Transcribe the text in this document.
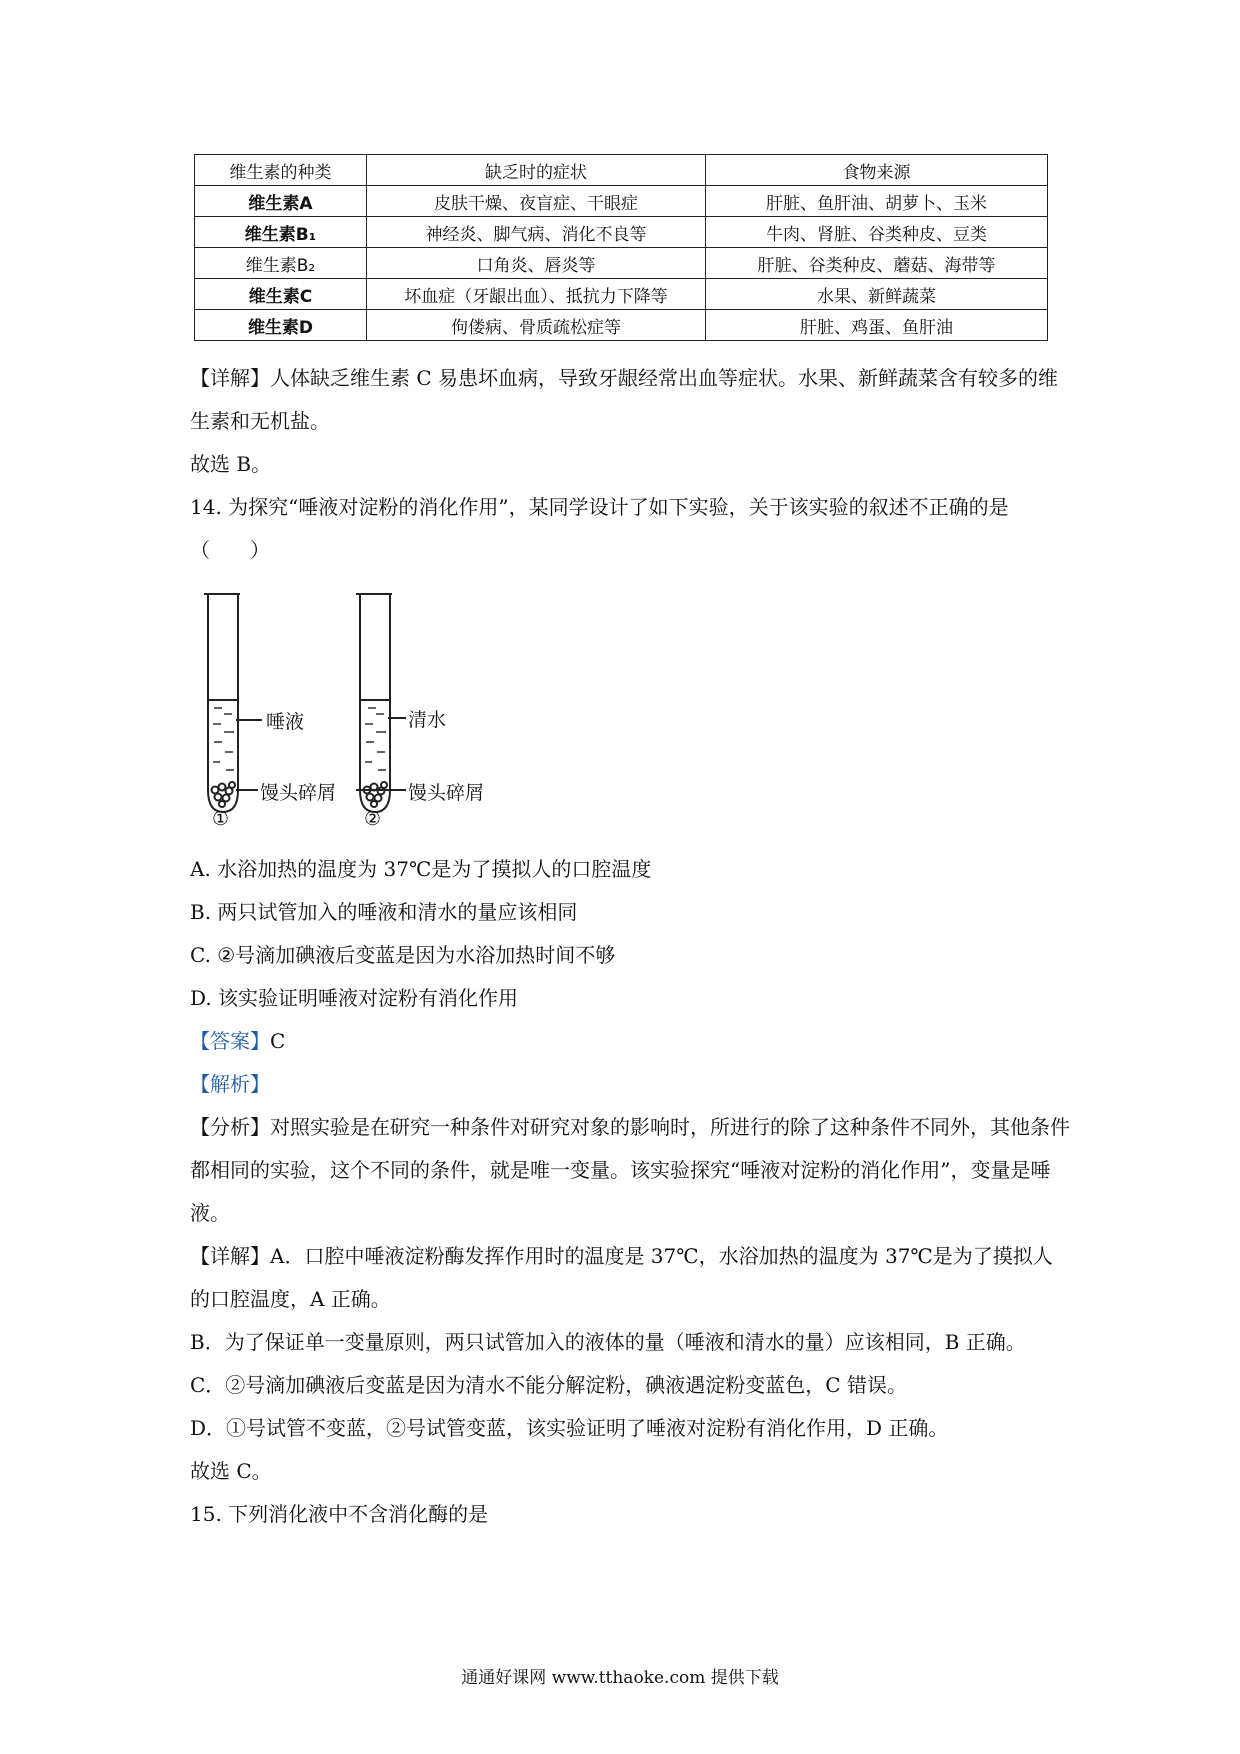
维生素的种类	缺乏时的症状	食物来源
维生素A	皮肤干燥、夜盲症、干眼症	肝脏、鱼肝油、胡萝卜、玉米
维生素B₁	神经炎、脚气病、消化不良等	牛肉、肾脏、谷类种皮、豆类
维生素B₂	口角炎、唇炎等	肝脏、谷类种皮、蘑菇、海带等
维生素C	坏血症（牙龈出血）、抵抗力下降等	水果、新鲜蔬菜
维生素D	佝偻病、骨质疏松症等	肝脏、鸡蛋、鱼肝油

【详解】人体缺乏维生素 C 易患坏血病，导致牙龈经常出血等症状。水果、新鲜蔬菜含有较多的维生素和无机盐。

故选 B。

14. 为探究“唾液对淀粉的消化作用”，某同学设计了如下实验，关于该实验的叙述不正确的是（　　）

唾液
馒头碎屑
①
清水
馒头碎屑
②

A. 水浴加热的温度为 37℃是为了摸拟人的口腔温度

B. 两只试管加入的唾液和清水的量应该相同

C. ②号滴加碘液后变蓝是因为水浴加热时间不够

D. 该实验证明唾液对淀粉有消化作用

【答案】C

【解析】

【分析】对照实验是在研究一种条件对研究对象的影响时，所进行的除了这种条件不同外，其他条件都相同的实验，这个不同的条件，就是唯一变量。该实验探究“唾液对淀粉的消化作用”，变量是唾液。

【详解】A．口腔中唾液淀粉酶发挥作用时的温度是 37℃，水浴加热的温度为 37℃是为了摸拟人的口腔温度，A 正确。

B．为了保证单一变量原则，两只试管加入的液体的量（唾液和清水的量）应该相同，B 正确。

C．②号滴加碘液后变蓝是因为清水不能分解淀粉，碘液遇淀粉变蓝色，C 错误。

D．①号试管不变蓝，②号试管变蓝，该实验证明了唾液对淀粉有消化作用，D 正确。

故选 C。

15. 下列消化液中不含消化酶的是

通通好课网 www.tthaoke.com 提供下载
